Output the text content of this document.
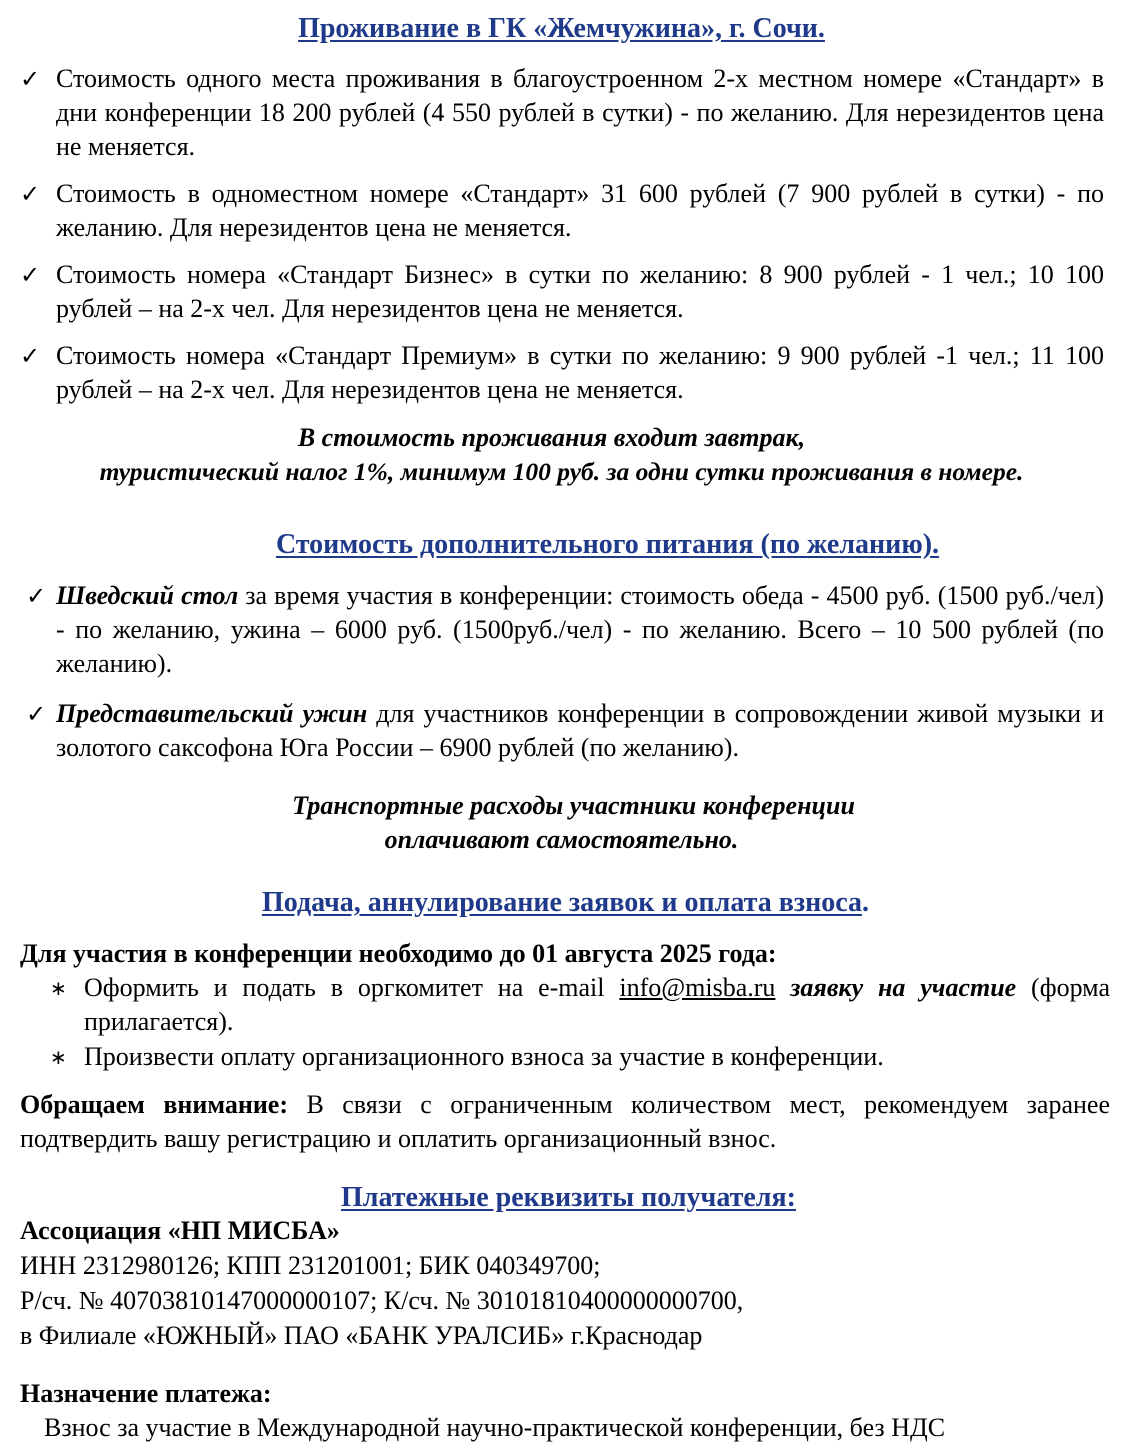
Проживание в ГК «Жемчужина», г. Сочи.
✓ Стоимость одного места проживания в благоустроенном 2-х местном номере «Стандарт» в дни конференции 18 200 рублей (4 550 рублей в сутки) - по желанию. Для нерезидентов цена не меняется.
✓ Стоимость в одноместном номере «Стандарт» 31 600 рублей (7 900 рублей в сутки) - по желанию. Для нерезидентов цена не меняется.
✓ Стоимость номера «Стандарт Бизнес» в сутки по желанию: 8 900 рублей - 1 чел.; 10 100 рублей – на 2-х чел. Для нерезидентов цена не меняется.
✓ Стоимость номера «Стандарт Премиум» в сутки по желанию: 9 900 рублей -1 чел.; 11 100 рублей – на 2-х чел. Для нерезидентов цена не меняется.
В стоимость проживания входит завтрак,
туристический налог 1%, минимум 100 руб. за одни сутки проживания в номере.
Стоимость дополнительного питания (по желанию).
✓ Шведский стол за время участия в конференции: стоимость обеда - 4500 руб. (1500 руб./чел) - по желанию, ужина – 6000 руб. (1500руб./чел) - по желанию. Всего – 10 500 рублей (по желанию).
✓ Представительский ужин для участников конференции в сопровождении живой музыки и золотого саксофона Юга России – 6900 рублей (по желанию).
Транспортные расходы участники конференции
оплачивают самостоятельно.
Подача, аннулирование заявок и оплата взноса.
Для участия в конференции необходимо до 01 августа 2025 года:
∗ Оформить и подать в оргкомитет на e-mail info@misba.ru заявку на участие (форма прилагается).
∗ Произвести оплату организационного взноса за участие в конференции.
Обращаем внимание: В связи с ограниченным количеством мест, рекомендуем заранее подтвердить вашу регистрацию и оплатить организационный взнос.
Платежные реквизиты получателя:
Ассоциация «НП МИСБА»
ИНН 2312980126; КПП 231201001; БИК 040349700;
Р/сч. № 40703810147000000107; К/сч. № 30101810400000000700,
в Филиале «ЮЖНЫЙ» ПАО «БАНК УРАЛСИБ» г.Краснодар
Назначение платежа:
Взнос за участие в Международной научно-практической конференции, без НДС
